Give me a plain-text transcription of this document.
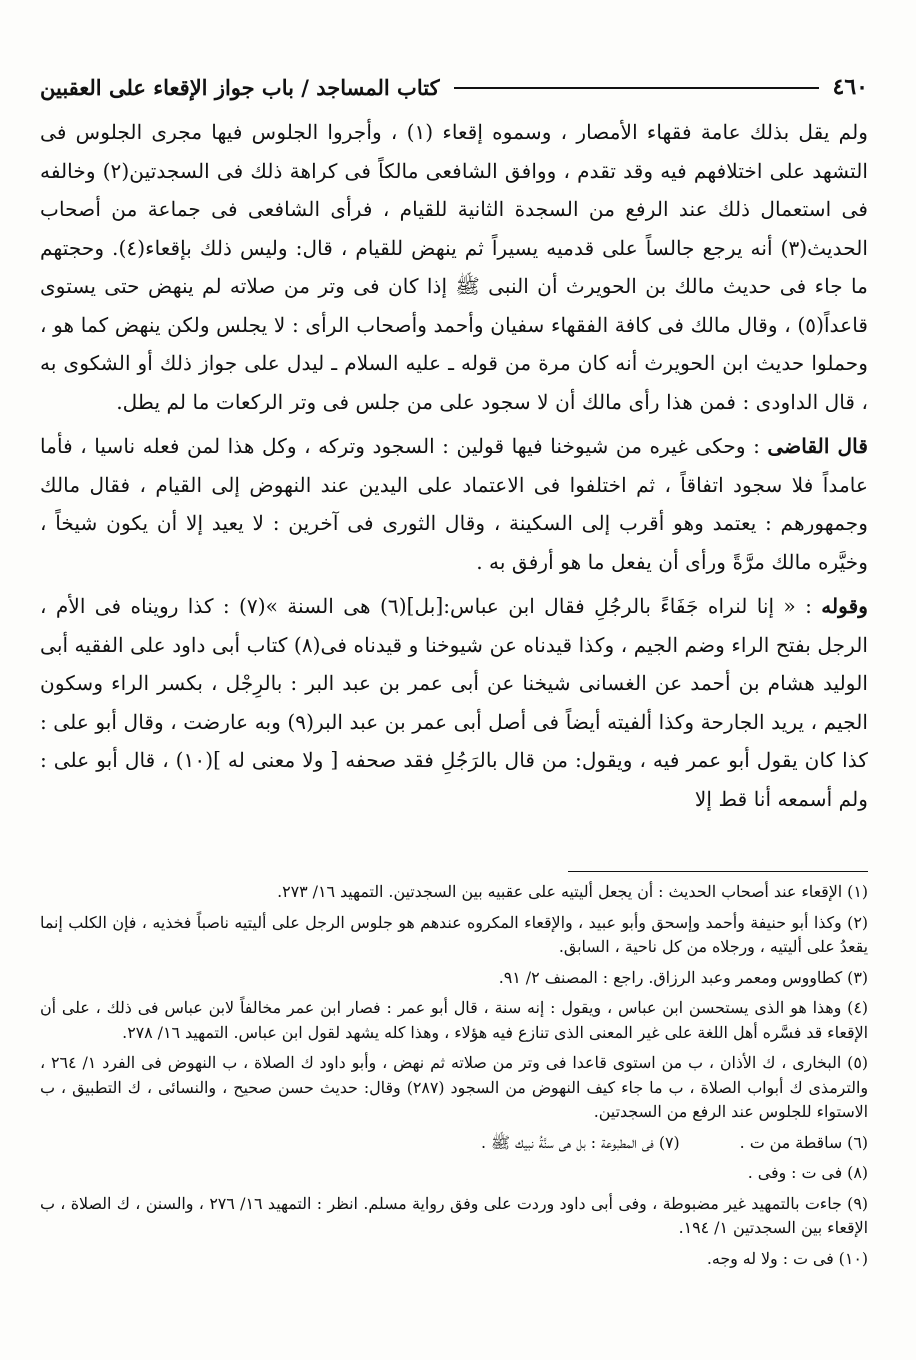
٤٦٠
كتاب المساجد / باب جواز الإقعاء على العقبين

ولم يقل بذلك عامة فقهاء الأمصار ، وسموه إقعاء (١) ، وأجروا الجلوس فيها مجرى الجلوس فى التشهد على اختلافهم فيه وقد تقدم ، ووافق الشافعى مالكاً فى كراهة ذلك فى السجدتين(٢) وخالفه فى استعمال ذلك عند الرفع من السجدة الثانية للقيام ، فرأى الشافعى فى جماعة من أصحاب الحديث(٣) أنه يرجع جالساً على قدميه يسيراً ثم ينهض للقيام ، قال: وليس ذلك بإقعاء(٤). وحجتهم ما جاء فى حديث مالك بن الحويرث أن النبى ﷺ إذا كان فى وتر من صلاته لم ينهض حتى يستوى قاعداً(٥) ، وقال مالك فى كافة الفقهاء سفيان وأحمد وأصحاب الرأى : لا يجلس ولكن ينهض كما هو ، وحملوا حديث ابن الحويرث أنه كان مرة من قوله ـ عليه السلام ـ ليدل على جواز ذلك أو الشكوى به ، قال الداودى : فمن هذا رأى مالك أن لا سجود على من جلس فى وتر الركعات ما لم يطل.

قال القاضى : وحكى غيره من شيوخنا فيها قولين : السجود وتركه ، وكل هذا لمن فعله ناسيا ، فأما عامداً فلا سجود اتفاقاً ، ثم اختلفوا فى الاعتماد على اليدين عند النهوض إلى القيام ، فقال مالك وجمهورهم : يعتمد وهو أقرب إلى السكينة ، وقال الثورى فى آخرين : لا يعيد إلا أن يكون شيخاً ، وخيَّره مالك مرَّةً ورأى أن يفعل ما هو أرفق به .

وقوله : « إنا لنراه جَفَاءً بالرجُلِ فقال ابن عباس:[بل](٦) هى السنة »(٧) : كذا رويناه فى الأم ، الرجل بفتح الراء وضم الجيم ، وكذا قيدناه عن شيوخنا و قيدناه فى(٨) كتاب أبى داود على الفقيه أبى الوليد هشام بن أحمد عن الغسانى شيخنا عن أبى عمر بن عبد البر : بالرِجْل ، بكسر الراء وسكون الجيم ، يريد الجارحة وكذا ألفيته أيضاً فى أصل أبى عمر بن عبد البر(٩) وبه عارضت ، وقال أبو على : كذا كان يقول أبو عمر فيه ، ويقول: من قال بالرَجُلِ فقد صحفه [ ولا معنى له ](١٠) ، قال أبو على : ولم أسمعه أنا قط إلا

(١) الإقعاء عند أصحاب الحديث : أن يجعل أليتيه على عقبيه بين السجدتين. التمهيد ١٦/ ٢٧٣.
(٢) وكذا أبو حنيفة وأحمد وإسحق وأبو عبيد ، والإقعاء المكروه عندهم هو جلوس الرجل على أليتيه ناصباً فخذيه ، فإن الكلب إنما يقعدُ على أليتيه ، ورجلاه من كل ناحية ، السابق.
(٣) كطاووس ومعمر وعبد الرزاق. راجع : المصنف ٢/ ٩١.
(٤) وهذا هو الذى يستحسن ابن عباس ، ويقول : إنه سنة ، قال أبو عمر : فصار ابن عمر مخالفاً لابن عباس فى ذلك ، على أن الإقعاء قد فسَّره أهل اللغة على غير المعنى الذى تنازع فيه هؤلاء ، وهذا كله يشهد لقول ابن عباس. التمهيد ١٦/ ٢٧٨.
(٥) البخارى ، ك الأذان ، ب من استوى قاعدا فى وتر من صلاته ثم نهض ، وأبو داود ك الصلاة ، ب النهوض فى الفرد ١/ ٢٦٤ ، والترمذى ك أبواب الصلاة ، ب ما جاء كيف النهوض من السجود (٢٨٧) وقال: حديث حسن صحيح ، والنسائى ، ك التطبيق ، ب الاستواء للجلوس عند الرفع من السجدتين.
(٦) ساقطة من ت .
(٧) فى المطبوعة : بل هى سنَّةُ نبيك ﷺ .
(٨) فى ت : وفى .
(٩) جاءت بالتمهيد غير مضبوطة ، وفى أبى داود وردت على وفق رواية مسلم. انظر : التمهيد ١٦/ ٢٧٦ ، والسنن ، ك الصلاة ، ب الإقعاء بين السجدتين ١/ ١٩٤.
(١٠) فى ت : ولا له وجه.
